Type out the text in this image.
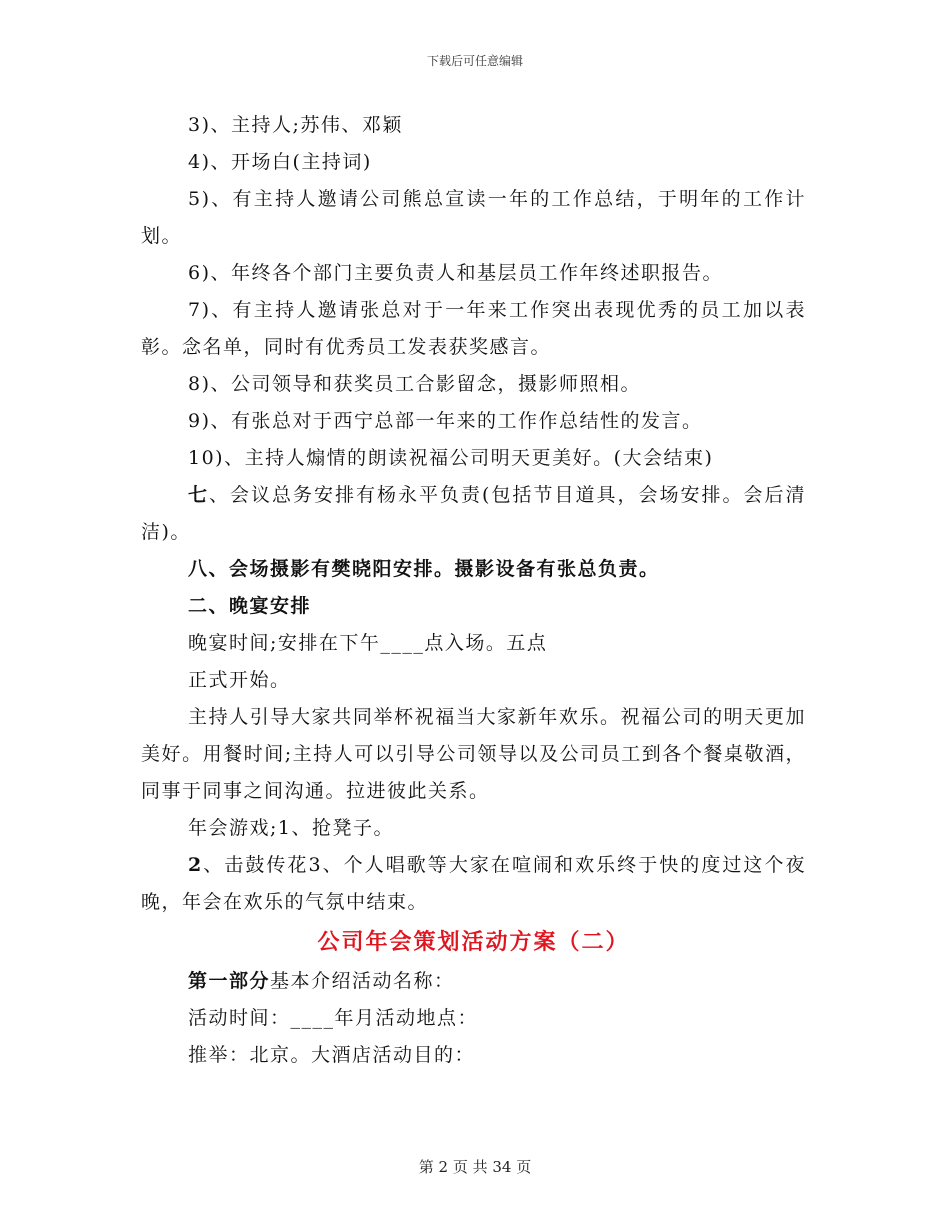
下载后可任意编辑

3)、主持人;苏伟、邓颖

4)、开场白(主持词)

5)、有主持人邀请公司熊总宣读一年的工作总结，于明年的工作计划。

6)、年终各个部门主要负责人和基层员工作年终述职报告。

7)、有主持人邀请张总对于一年来工作突出表现优秀的员工加以表彰。念名单，同时有优秀员工发表获奖感言。

8)、公司领导和获奖员工合影留念，摄影师照相。

9)、有张总对于西宁总部一年来的工作作总结性的发言。

10)、主持人煽情的朗读祝福公司明天更美好。(大会结束)

七、会议总务安排有杨永平负责(包括节目道具，会场安排。会后清洁)。

八、会场摄影有樊晓阳安排。摄影设备有张总负责。

二、晚宴安排

晚宴时间;安排在下午____点入场。五点

正式开始。

主持人引导大家共同举杯祝福当大家新年欢乐。祝福公司的明天更加美好。用餐时间;主持人可以引导公司领导以及公司员工到各个餐桌敬酒，同事于同事之间沟通。拉进彼此关系。

年会游戏;1、抢凳子。

2、击鼓传花3、个人唱歌等大家在喧闹和欢乐终于快的度过这个夜晚，年会在欢乐的气氛中结束。

公司年会策划活动方案（二）

第一部分基本介绍活动名称：

活动时间：____年月活动地点：

推举：北京。大酒店活动目的：

第 2 页 共 34 页
